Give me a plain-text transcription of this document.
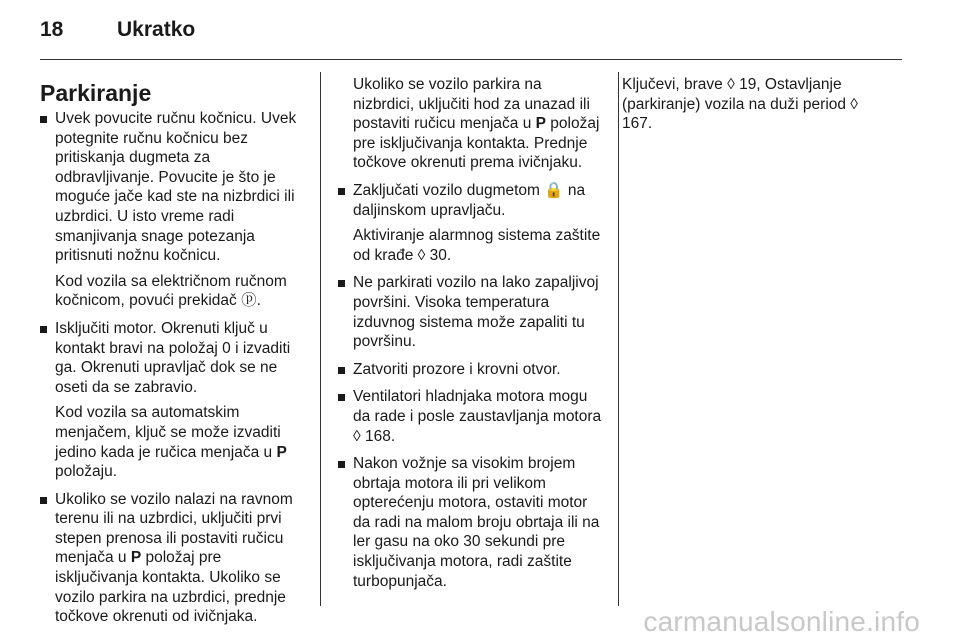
18	Ukratko
Parkiranje
Uvek povucite ručnu kočnicu. Uvek potegnite ručnu kočnicu bez pritiskanja dugmeta za odbravljivanje. Povucite je što je moguće jače kad ste na nizbrdici ili uzbrdici. U isto vreme radi smanjivanja snage potezanja pritisnuti nožnu kočnicu.
Kod vozila sa električnom ručnom kočnicom, povući prekidač ⓟ.
Isključiti motor. Okrenuti ključ u kontakt bravi na položaj 0 i izvaditi ga. Okrenuti upravljač dok se ne oseti da se zabravio.
Kod vozila sa automatskim menjačem, ključ se može izvaditi jedino kada je ručica menjača u P položaju.
Ukoliko se vozilo nalazi na ravnom terenu ili na uzbrdici, uključiti prvi stepen prenosa ili postaviti ručicu menjača u P položaj pre isključivanja kontakta. Ukoliko se vozilo parkira na uzbrdici, prednje točkove okrenuti od ivičnjaka.
Ukoliko se vozilo parkira na nizbrdici, uključiti hod za unazad ili postaviti ručicu menjača u P položaj pre isključivanja kontakta. Prednje točkove okrenuti prema ivičnjaku.
Zaključati vozilo dugmetom 🔒 na daljinskom upravljaču.
Aktiviranje alarmnog sistema zaštite od krađe ◊ 30.
Ne parkirati vozilo na lako zapaljivoj površini. Visoka temperatura izduvnog sistema može zapaliti tu površinu.
Zatvoriti prozore i krovni otvor.
Ventilatori hladnjaka motora mogu da rade i posle zaustavljanja motora ◊ 168.
Nakon vožnje sa visokim brojem obrtaja motora ili pri velikom opterećenju motora, ostaviti motor da radi na malom broju obrtaja ili na ler gasu na oko 30 sekundi pre isključivanja motora, radi zaštite turbopunjača.

Ključevi, brave ◊ 19, Ostavljanje (parkiranje) vozila na duži period ◊ 167.

carmanualsonline.info
